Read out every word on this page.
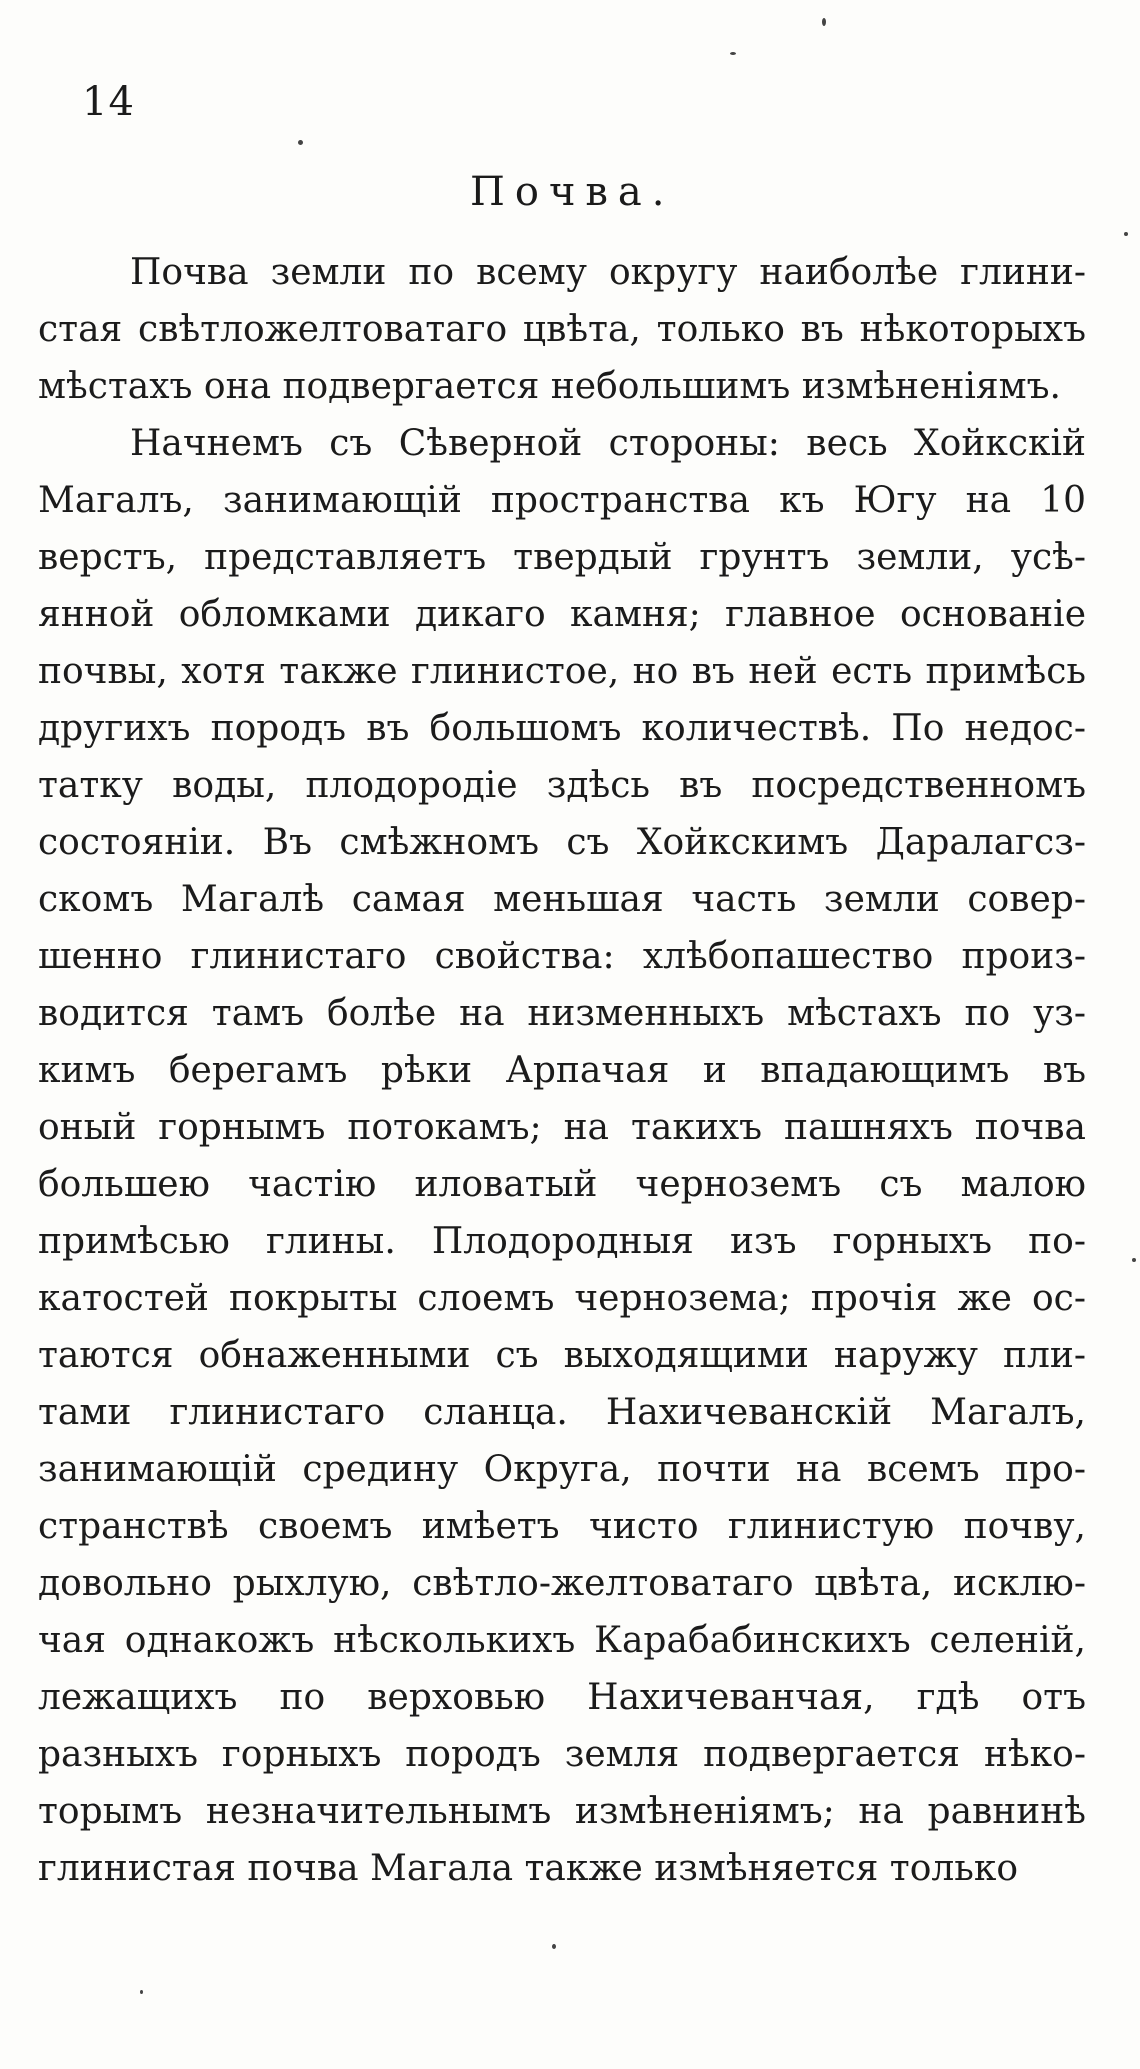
14
Почва.
Почва земли по всему округу наиболѣе глини-
стая свѣтложелтоватаго цвѣта, только въ нѣкоторыхъ
мѣстахъ она подвергается небольшимъ измѣненiямъ.
Начнемъ съ Сѣверной стороны: весь Хойкскiй
Магалъ, занимающiй пространства къ Югу на 10
верстъ, представляетъ твердый грунтъ земли, усѣ-
янной обломками дикаго камня; главное основанiе
почвы, хотя также глинистое, но въ ней есть примѣсь
другихъ породъ въ большомъ количествѣ. По недос-
татку воды, плодородiе здѣсь въ посредственномъ
состоянiи. Въ смѣжномъ съ Хойкскимъ Даралагсз-
скомъ Магалѣ самая меньшая часть земли совер-
шенно глинистаго свойства: хлѣбопашество произ-
водится тамъ болѣе на низменныхъ мѣстахъ по уз-
кимъ берегамъ рѣки Арпачая и впадающимъ въ
оный горнымъ потокамъ; на такихъ пашняхъ почва
большею частiю иловатый черноземъ съ малою
примѣсью глины. Плодородныя изъ горныхъ по-
катостей покрыты слоемъ чернозема; прочiя же ос-
таются обнаженными съ выходящими наружу пли-
тами глинистаго сланца. Нахичеванскiй Магалъ,
занимающiй средину Округа, почти на всемъ про-
странствѣ своемъ имѣетъ чисто глинистую почву,
довольно рыхлую, свѣтло-желтоватаго цвѣта, исклю-
чая однакожъ нѣсколькихъ Карабабинскихъ селенiй,
лежащихъ по верховью Нахичеванчая, гдѣ отъ
разныхъ горныхъ породъ земля подвергается нѣко-
торымъ незначительнымъ измѣненiямъ; на равнинѣ
глинистая почва Магала также измѣняется только
